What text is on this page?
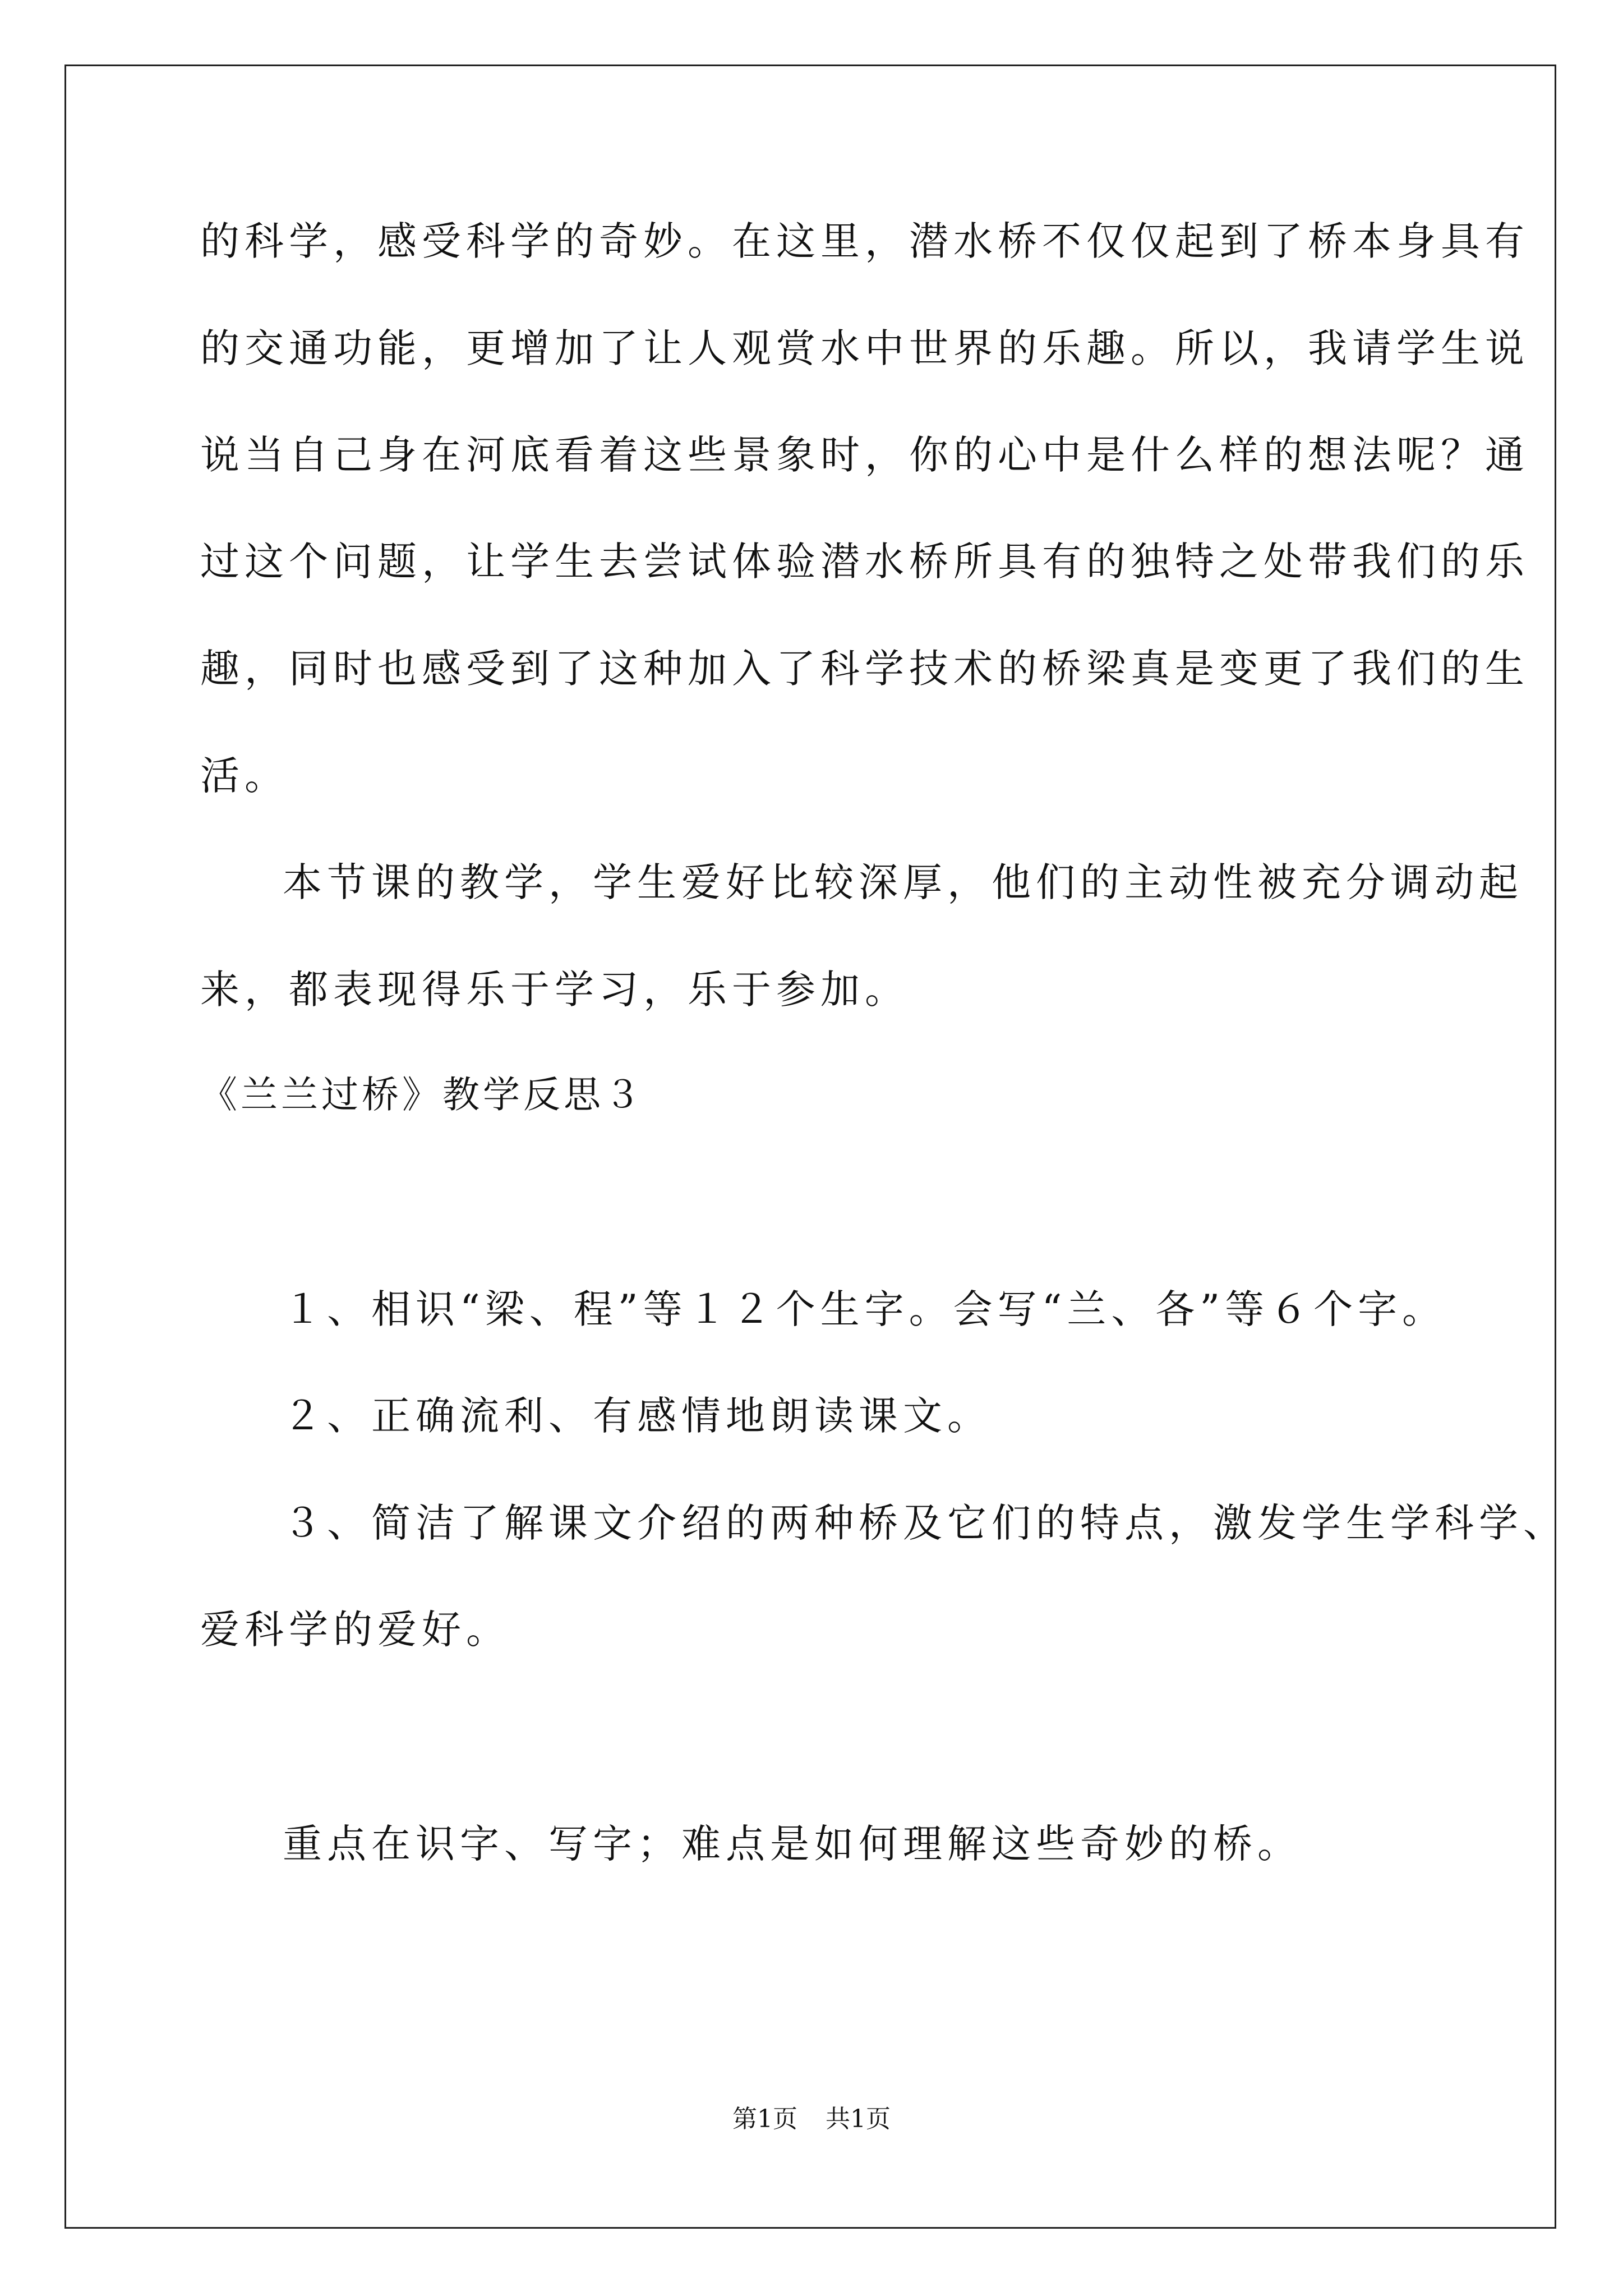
的科学，感受科学的奇妙。在这里，潜水桥不仅仅起到了桥本身具有
的交通功能，更增加了让人观赏水中世界的乐趣。所以，我请学生说
说当自己身在河底看着这些景象时，你的心中是什么样的想法呢？通
过这个问题，让学生去尝试体验潜水桥所具有的独特之处带我们的乐
趣，同时也感受到了这种加入了科学技术的桥梁真是变更了我们的生
活。
本节课的教学，学生爱好比较深厚，他们的主动性被充分调动起
来，都表现得乐于学习，乐于参加。
《兰兰过桥》教学反思３
１、相识“梁、程”等１２个生字。会写“兰、各”等６个字。
２、正确流利、有感情地朗读课文。
３、简洁了解课文介绍的两种桥及它们的特点，激发学生学科学、
爱科学的爱好。
重点在识字、写字；难点是如何理解这些奇妙的桥。
第1页 共1页
